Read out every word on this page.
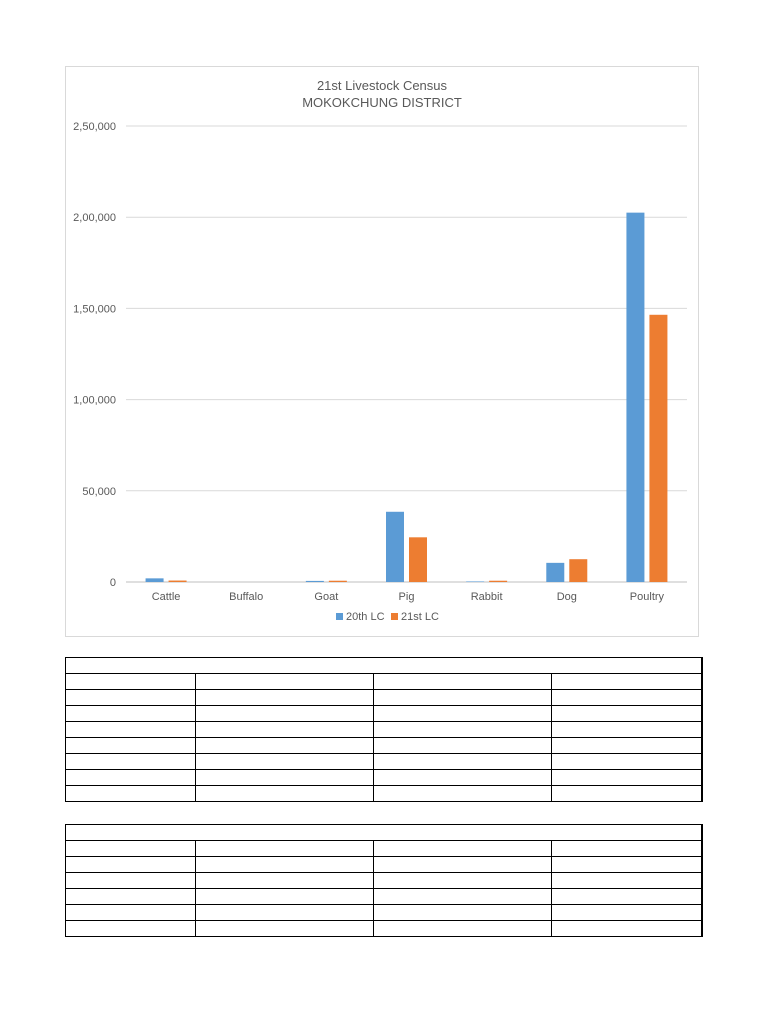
21st Livestock Census
MOKOKCHUNG DISTRICT
0
50,000
1,00,000
1,50,000
2,00,000
2,50,000
Cattle	Buffalo	Goat	Pig	Rabbit	Dog	Poultry
20th LC 21st LC
